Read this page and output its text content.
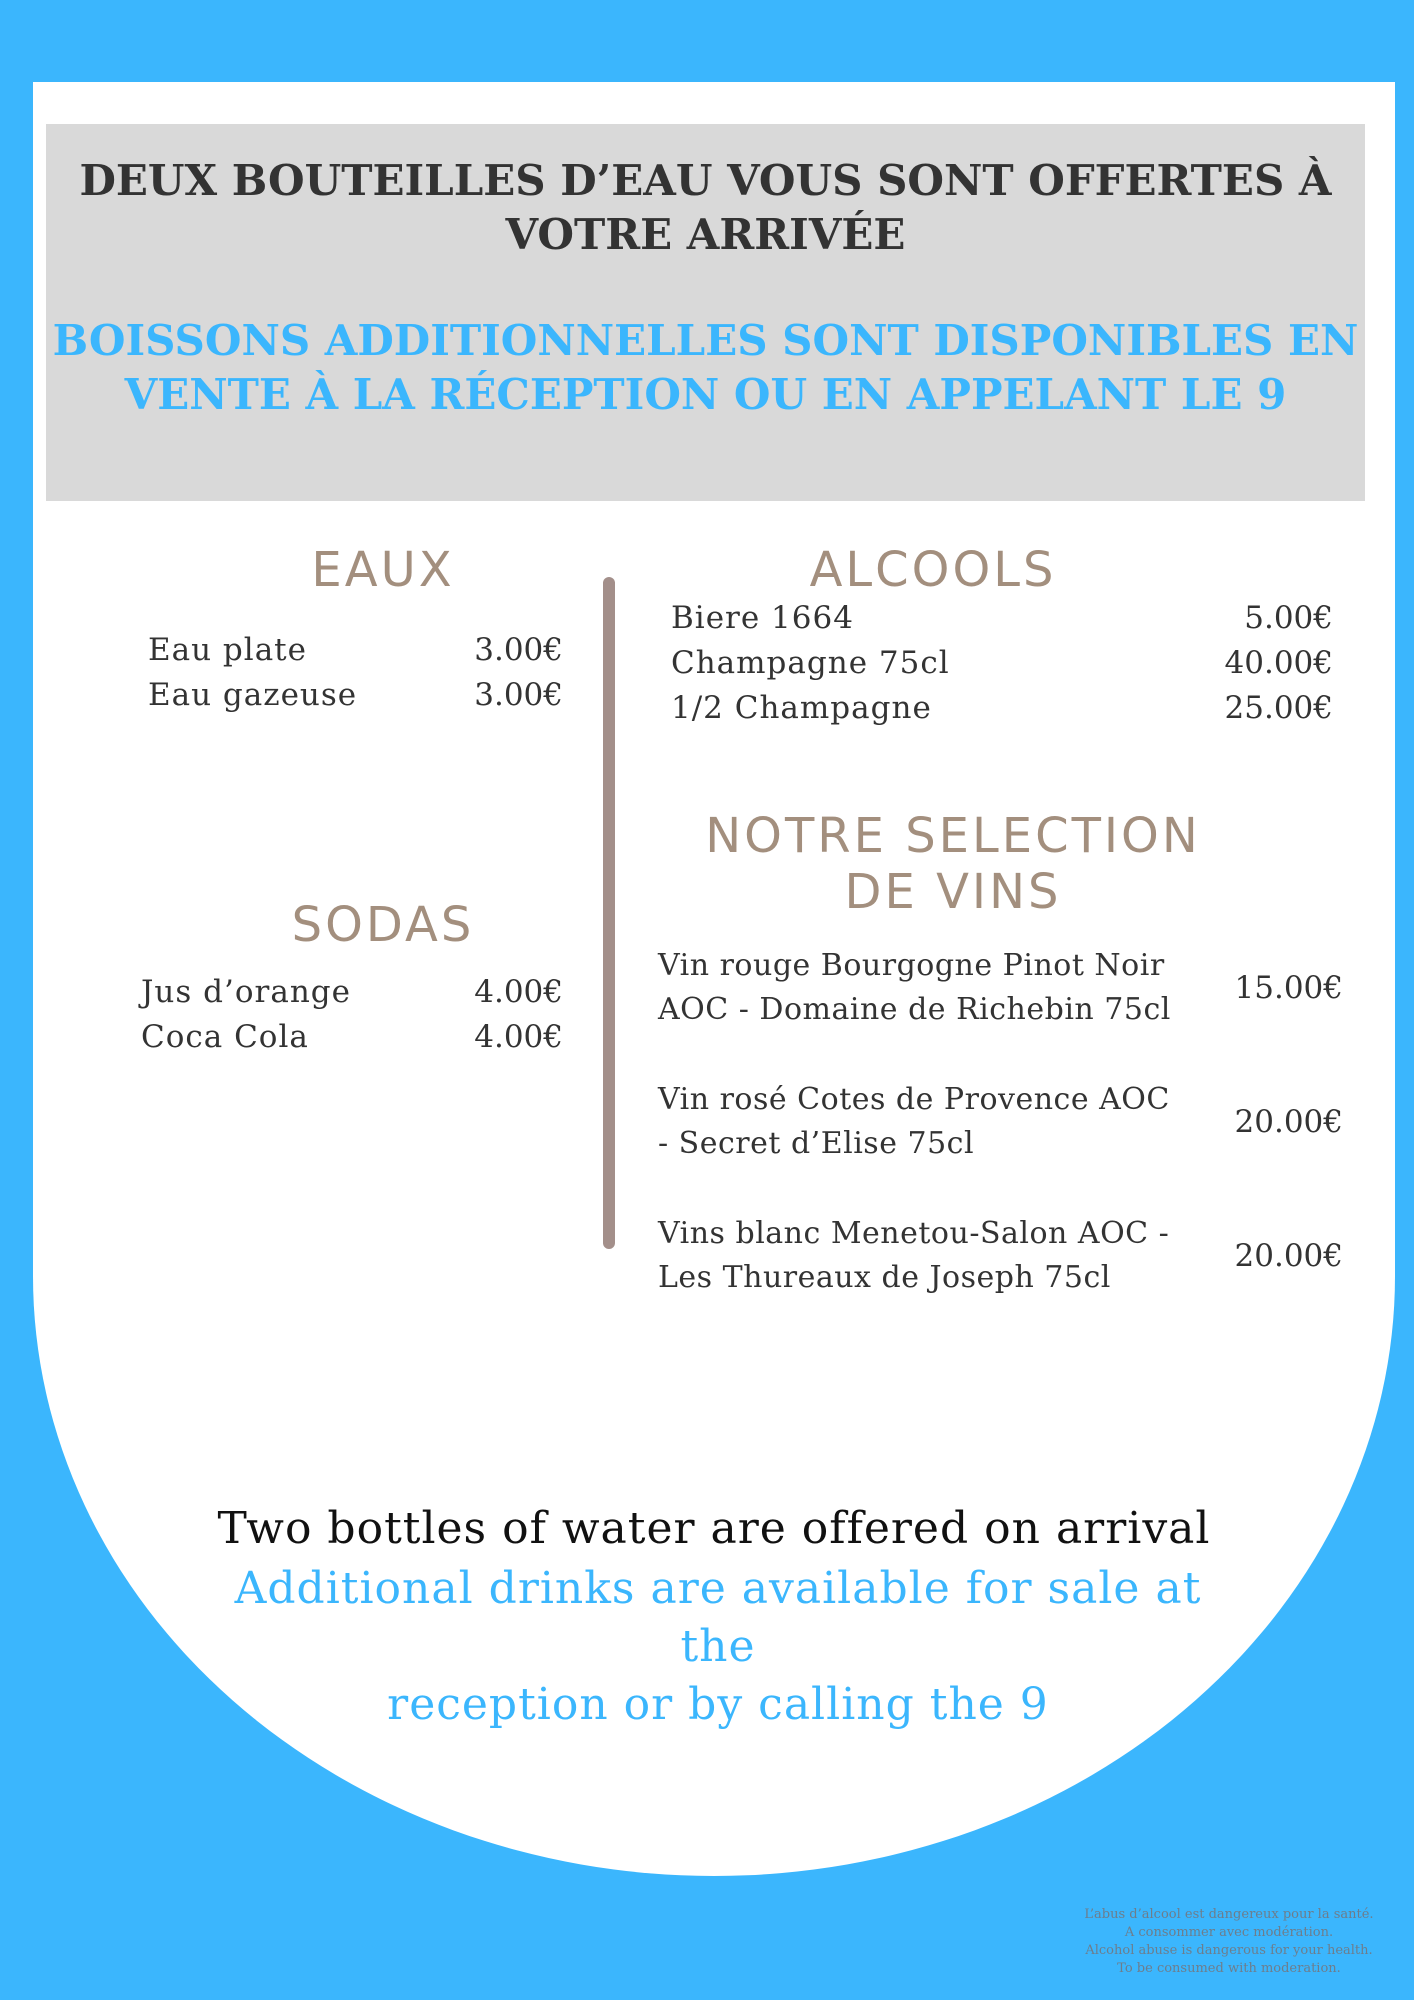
DEUX BOUTEILLES D’EAU VOUS SONT OFFERTES À
VOTRE ARRIVÉE
BOISSONS ADDITIONNELLES SONT DISPONIBLES EN
VENTE À LA RÉCEPTION OU EN APPELANT LE 9
EAUX
Eau plate	3.00€
Eau gazeuse	3.00€
SODAS
Jus d’orange	4.00€
Coca Cola	4.00€
ALCOOLS
Biere 1664	5.00€
Champagne 75cl	40.00€
1/2 Champagne	25.00€
NOTRE SELECTION
DE VINS
Vin rouge Bourgogne Pinot Noir
AOC - Domaine de Richebin 75cl
15.00€
Vin rosé Cotes de Provence AOC
- Secret d’Elise 75cl
20.00€
Vins blanc Menetou-Salon AOC -
Les Thureaux de Joseph 75cl
20.00€
Two bottles of water are offered on arrival
Additional drinks are available for sale at the
reception or by calling the 9
L’abus d’alcool est dangereux pour la santé.
A consommer avec modération.
Alcohol abuse is dangerous for your health.
To be consumed with moderation.
